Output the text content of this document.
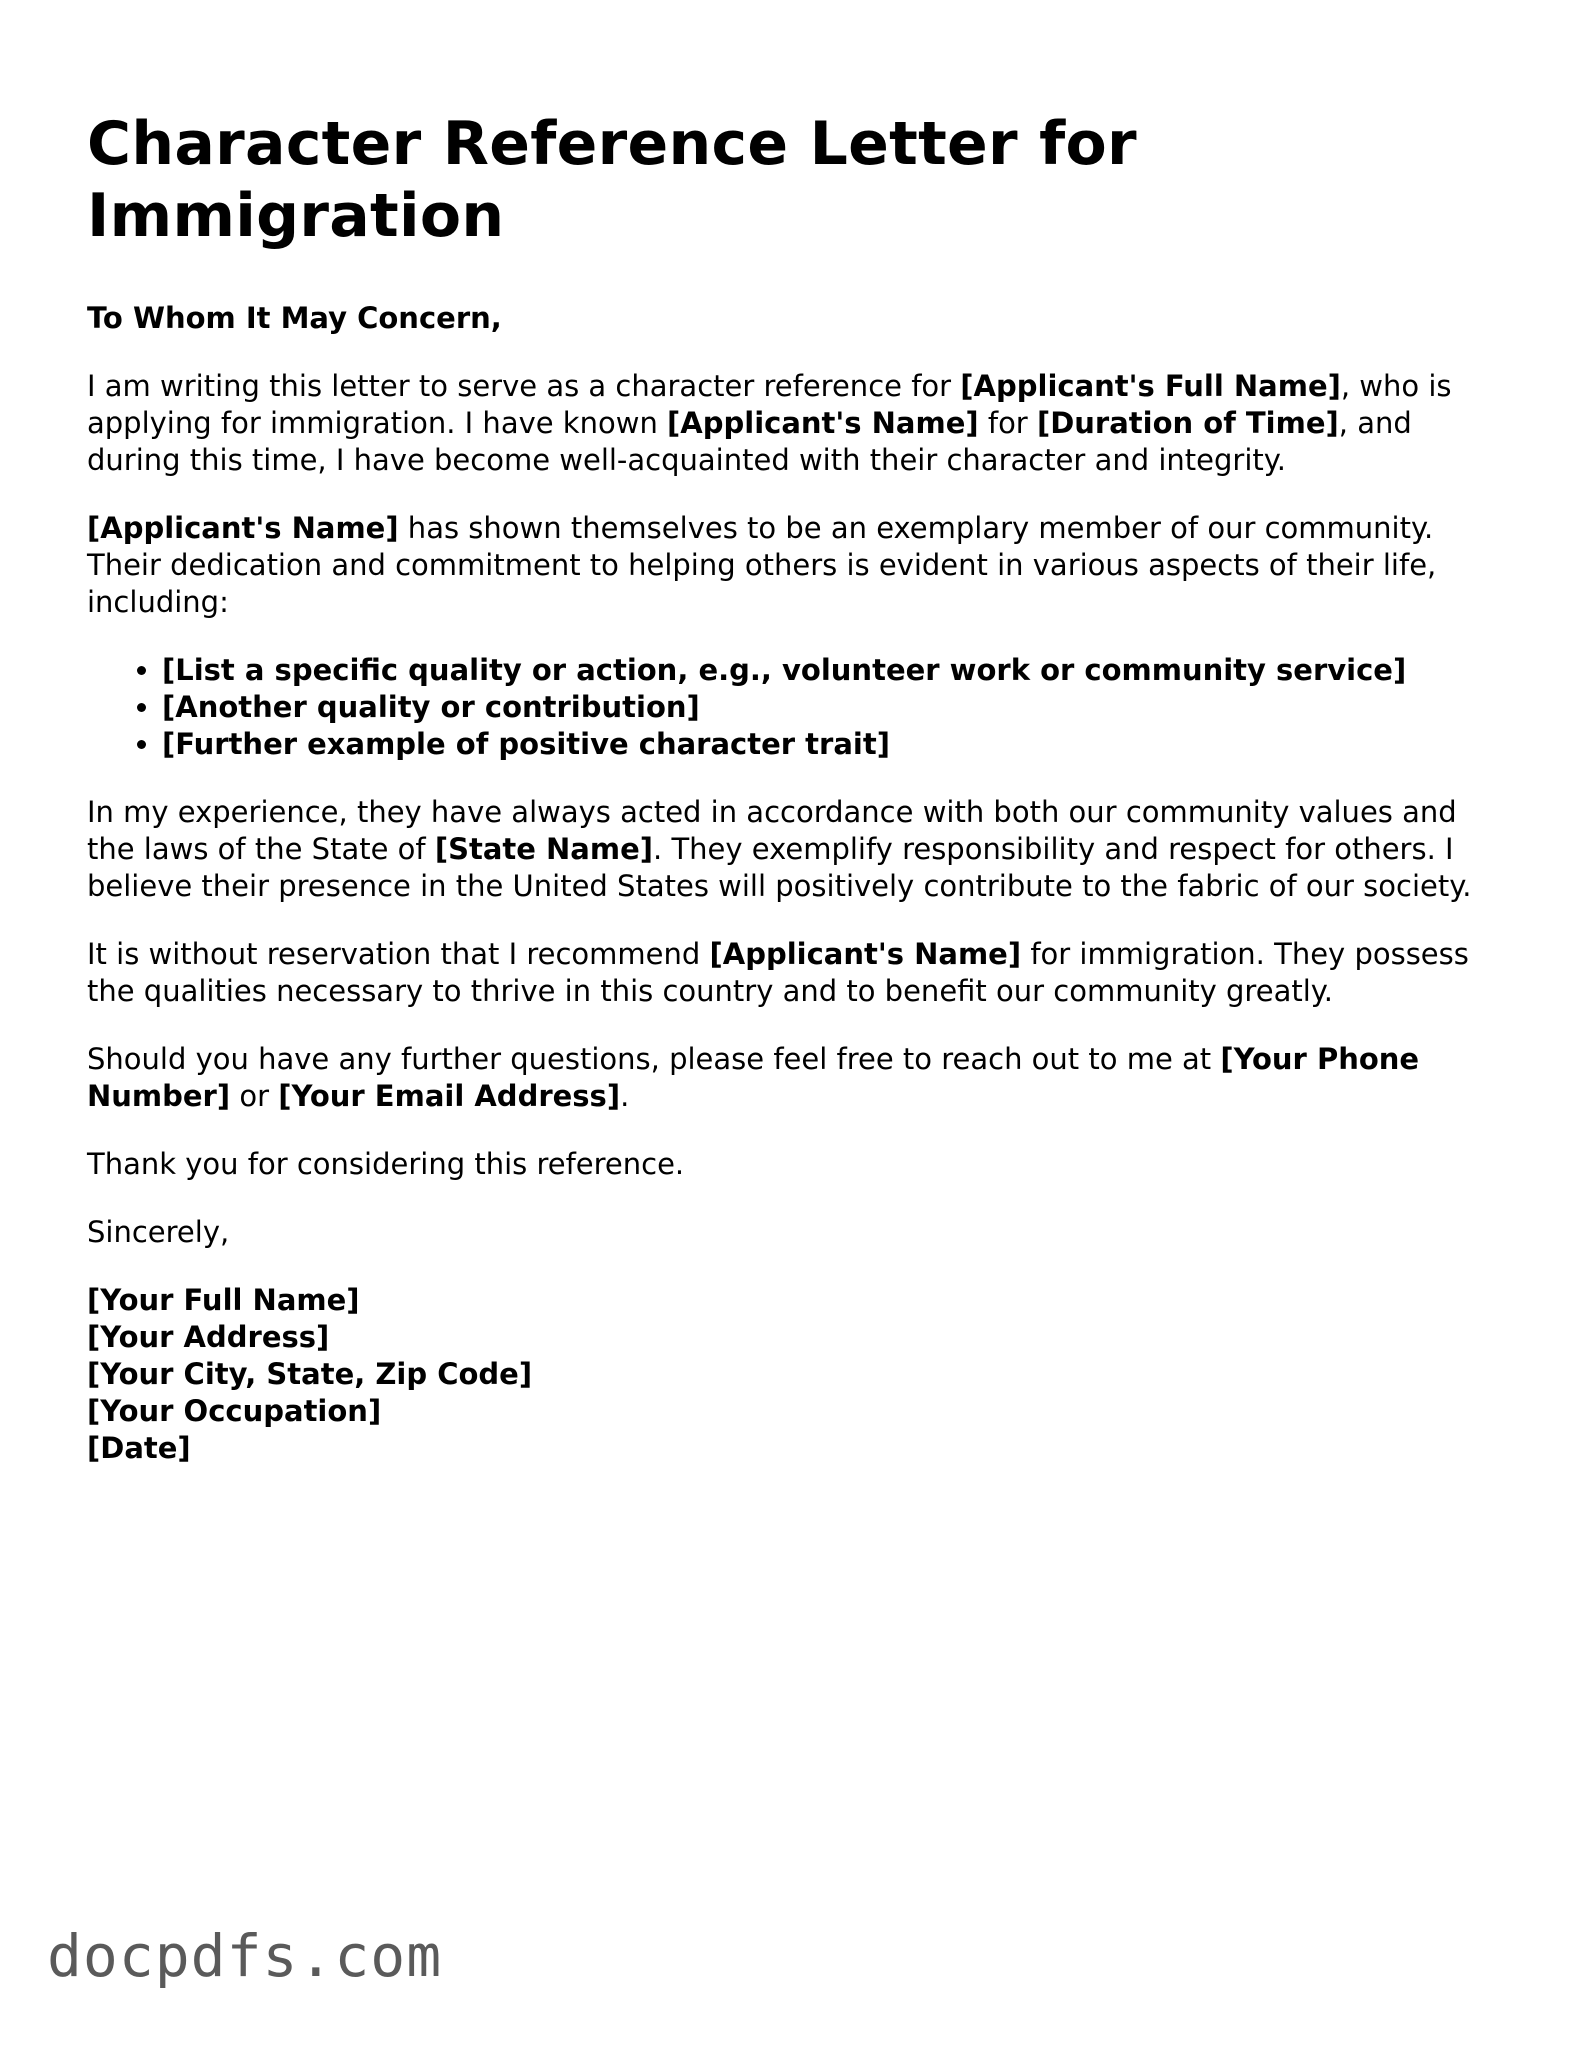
Character Reference Letter for Immigration

To Whom It May Concern,

I am writing this letter to serve as a character reference for [Applicant's Full Name], who is applying for immigration. I have known [Applicant's Name] for [Duration of Time], and during this time, I have become well-acquainted with their character and integrity.

[Applicant's Name] has shown themselves to be an exemplary member of our community. Their dedication and commitment to helping others is evident in various aspects of their life, including:

• [List a specific quality or action, e.g., volunteer work or community service]
• [Another quality or contribution]
• [Further example of positive character trait]

In my experience, they have always acted in accordance with both our community values and the laws of the State of [State Name]. They exemplify responsibility and respect for others. I believe their presence in the United States will positively contribute to the fabric of our society.

It is without reservation that I recommend [Applicant's Name] for immigration. They possess the qualities necessary to thrive in this country and to benefit our community greatly.

Should you have any further questions, please feel free to reach out to me at [Your Phone Number] or [Your Email Address].

Thank you for considering this reference.

Sincerely,

[Your Full Name]

[Your Address]

[Your City, State, Zip Code]

[Your Occupation]

[Date]

docpdfs.com
